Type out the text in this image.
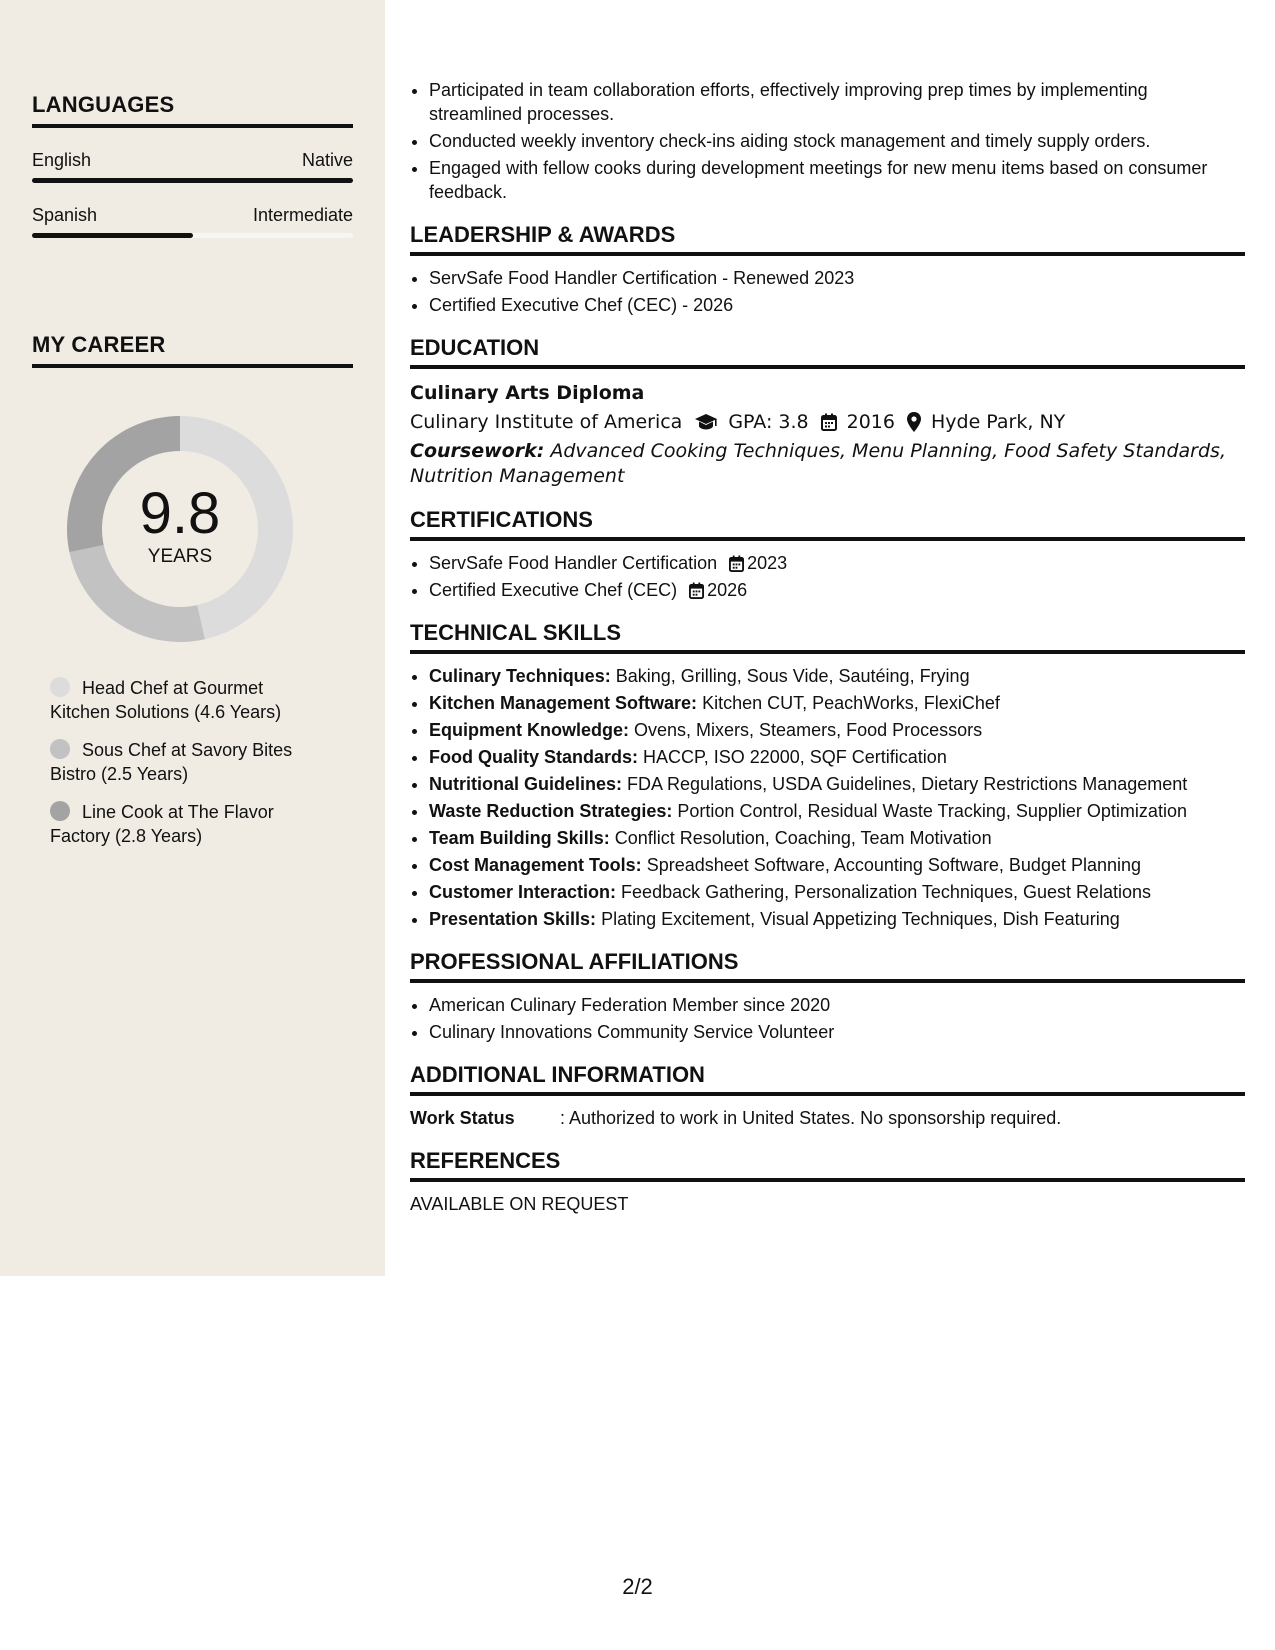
LANGUAGES
English	Native
Spanish	Intermediate
MY CAREER
9.8
YEARS
Head Chef at Gourmet Kitchen Solutions (4.6 Years)
Sous Chef at Savory Bites Bistro (2.5 Years)
Line Cook at The Flavor Factory (2.8 Years)
• Participated in team collaboration efforts, effectively improving prep times by implementing streamlined processes.
• Conducted weekly inventory check-ins aiding stock management and timely supply orders.
• Engaged with fellow cooks during development meetings for new menu items based on consumer feedback.
LEADERSHIP & AWARDS
• ServSafe Food Handler Certification - Renewed 2023
• Certified Executive Chef (CEC) - 2026
EDUCATION
Culinary Arts Diploma
Culinary Institute of America GPA: 3.8 2016 Hyde Park, NY
Coursework: Advanced Cooking Techniques, Menu Planning, Food Safety Standards, Nutrition Management
CERTIFICATIONS
• ServSafe Food Handler Certification 2023
• Certified Executive Chef (CEC) 2026
TECHNICAL SKILLS
• Culinary Techniques: Baking, Grilling, Sous Vide, Sautéing, Frying
• Kitchen Management Software: Kitchen CUT, PeachWorks, FlexiChef
• Equipment Knowledge: Ovens, Mixers, Steamers, Food Processors
• Food Quality Standards: HACCP, ISO 22000, SQF Certification
• Nutritional Guidelines: FDA Regulations, USDA Guidelines, Dietary Restrictions Management
• Waste Reduction Strategies: Portion Control, Residual Waste Tracking, Supplier Optimization
• Team Building Skills: Conflict Resolution, Coaching, Team Motivation
• Cost Management Tools: Spreadsheet Software, Accounting Software, Budget Planning
• Customer Interaction: Feedback Gathering, Personalization Techniques, Guest Relations
• Presentation Skills: Plating Excitement, Visual Appetizing Techniques, Dish Featuring
PROFESSIONAL AFFILIATIONS
• American Culinary Federation Member since 2020
• Culinary Innovations Community Service Volunteer
ADDITIONAL INFORMATION
Work Status	: Authorized to work in United States. No sponsorship required.
REFERENCES
AVAILABLE ON REQUEST
2/2
